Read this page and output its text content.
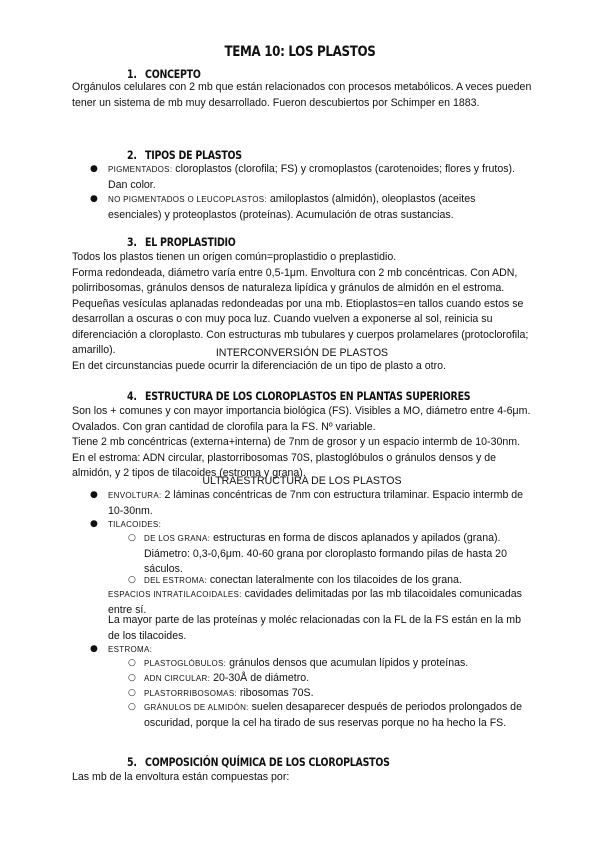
TEMA 10: LOS PLASTOS
1. CONCEPTO

Orgánulos celulares con 2 mb que están relacionados con procesos metabólicos. A veces pueden tener un sistema de mb muy desarrollado. Fueron descubiertos por Schimper en 1883.

2. TIPOS DE PLASTOS
● PIGMENTADOS: cloroplastos (clorofila; FS) y cromoplastos (carotenoides; flores y frutos). Dan color.
● NO PIGMENTADOS O LEUCOPLASTOS: amiloplastos (almidón), oleoplastos (aceites esenciales) y proteoplastos (proteínas). Acumulación de otras sustancias.
3. EL PROPLASTIDIO

Todos los plastos tienen un origen común=proplastidio o preplastidio.
Forma redondeada, diámetro varía entre 0,5-1μm. Envoltura con 2 mb concéntricas. Con ADN, polirribosomas, gránulos densos de naturaleza lipídica y gránulos de almidón en el estroma. Pequeñas vesículas aplanadas redondeadas por una mb. Etioplastos=en tallos cuando estos se desarrollan a oscuras o con muy poca luz. Cuando vuelven a exponerse al sol, reinicia su diferenciación a cloroplasto. Con estructuras mb tubulares y cuerpos prolamelares (protoclorofila; amarillo).	INTERCONVERSIÓN DE PLASTOS

En det circunstancias puede ocurrir la diferenciación de un tipo de plasto a otro.

4. ESTRUCTURA DE LOS CLOROPLASTOS EN PLANTAS SUPERIORES

Son los + comunes y con mayor importancia biológica (FS). Visibles a MO, diámetro entre 4-6μm. Ovalados. Con gran cantidad de clorofila para la FS. Nº variable.
Tiene 2 mb concéntricas (externa+interna) de 7nm de grosor y un espacio intermb de 10-30nm. En el estroma: ADN circular, plastorribosomas 70S, plastoglóbulos o gránulos densos y de almidón, y 2 tipos de tilacoides (estroma y grana).

ULTRAESTRUCTURA DE LOS PLASTOS
● ENVOLTURA: 2 láminas concéntricas de 7nm con estructura trilaminar. Espacio intermb de 10-30nm.
● TILACOIDES:
○ DE LOS GRANA: estructuras en forma de discos aplanados y apilados (grana). Diámetro: 0,3-0,6μm. 40-60 grana por cloroplasto formando pilas de hasta 20 sáculos.
○ DEL ESTROMA: conectan lateralmente con los tilacoides de los grana.
ESPACIOS INTRATILACOIDALES: cavidades delimitadas por las mb tilacoidales comunicadas entre sí.
La mayor parte de las proteínas y moléc relacionadas con la FL de la FS están en la mb de los tilacoides.
● ESTROMA:
○ PLASTOGLÓBULOS: gránulos densos que acumulan lípidos y proteínas.
○ ADN CIRCULAR: 20-30Å de diámetro.
○ PLASTORRIBOSOMAS: ribosomas 70S.
○ GRÁNULOS DE ALMIDÓN: suelen desaparecer después de periodos prolongados de oscuridad, porque la cel ha tirado de sus reservas porque no ha hecho la FS.
5. COMPOSICIÓN QUÍMICA DE LOS CLOROPLASTOS

Las mb de la envoltura están compuestas por:
